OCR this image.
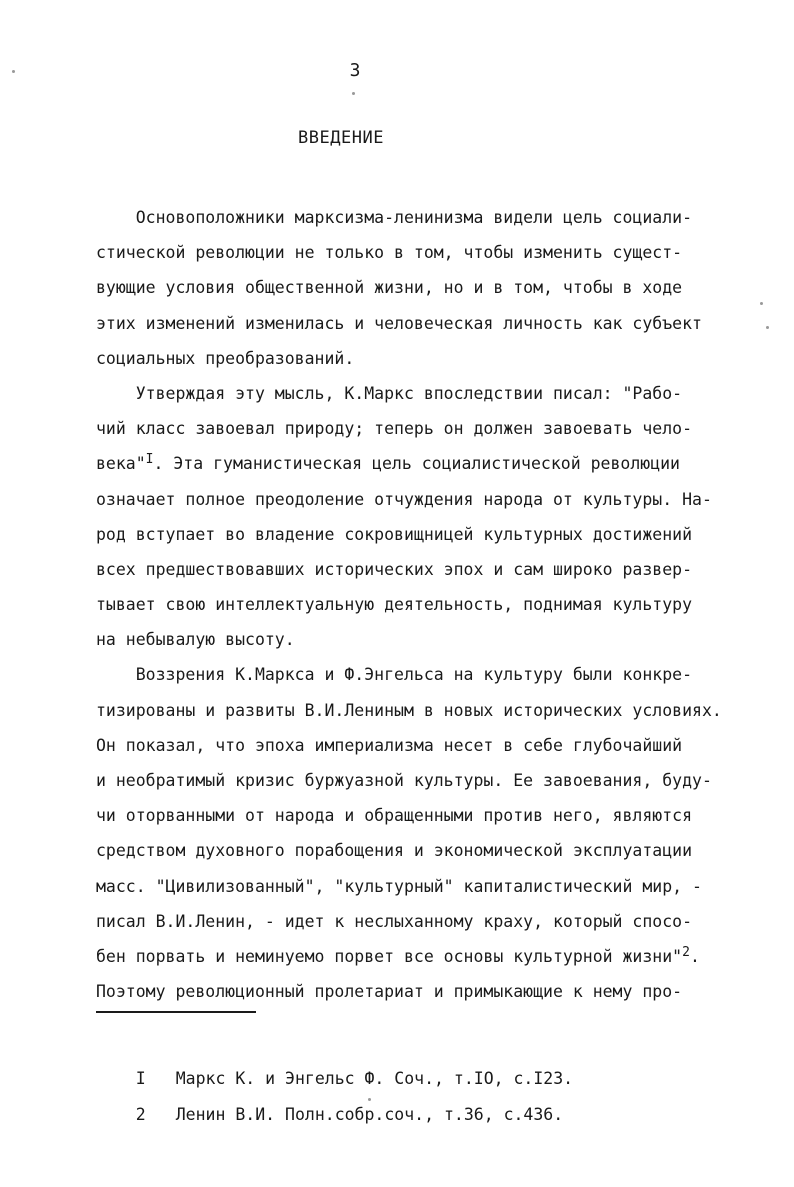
3
ВВЕДЕНИЕ
Основоположники марксизма-ленинизма видели цель социали-
стической революции не только в том, чтобы изменить сущест-
вующие условия общественной жизни, но и в том, чтобы в ходе
этих изменений изменилась и человеческая личность как субъект
социальных преобразований.
Утверждая эту мысль, К.Маркс впоследствии писал: "Рабо-
чий класс завоевал природу; теперь он должен завоевать чело-
века"$^I$. Эта гуманистическая цель социалистической революции
означает полное преодоление отчуждения народа от культуры. На-
род вступает во владение сокровищницей культурных достижений
всех предшествовавших исторических эпох и сам широко развер-
тывает свою интеллектуальную деятельность, поднимая культуру
на небывалую высоту.
Воззрения К.Маркса и Ф.Энгельса на культуру были конкре-
тизированы и развиты В.И.Лениным в новых исторических условиях.
Он показал, что эпоха империализма несет в себе глубочайший
и необратимый кризис буржуазной культуры. Ее завоевания, буду-
чи оторванными от народа и обращенными против него, являются
средством духовного порабощения и экономической эксплуатации
масс. "Цивилизованный", "культурный" капиталистический мир, -
писал В.И.Ленин, - идет к неслыханному краху, который спосо-
бен порвать и неминуемо порвет все основы культурной жизни"$^2$.
Поэтому революционный пролетариат и примыкающие к нему про-

I Маркс К. и Энгельс Ф. Соч., т.IO, с.I23.

2 Ленин В.И. Полн.собр.соч., т.36, с.436.
